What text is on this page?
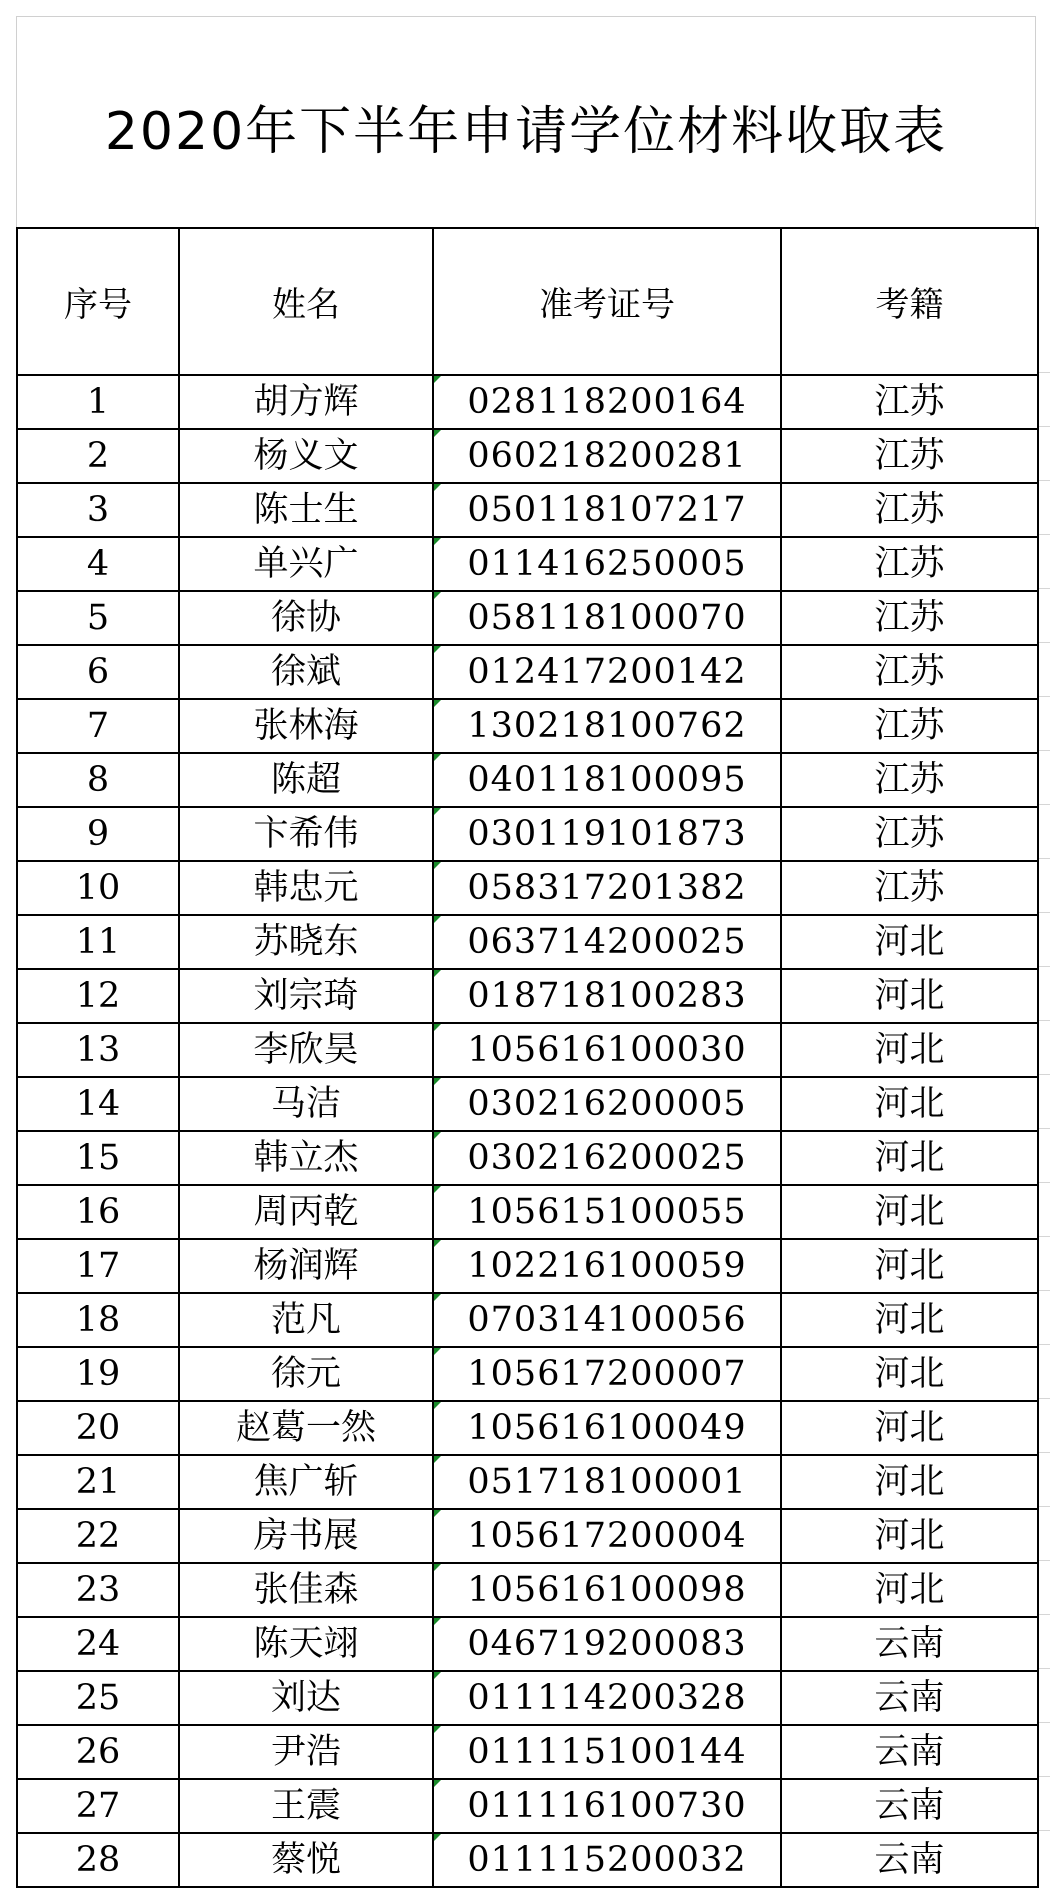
2020年下半年申请学位材料收取表
序号	姓名	准考证号	考籍
1	胡方辉	028118200164	江苏
2	杨义文	060218200281	江苏
3	陈士生	050118107217	江苏
4	单兴广	011416250005	江苏
5	徐协	058118100070	江苏
6	徐斌	012417200142	江苏
7	张林海	130218100762	江苏
8	陈超	040118100095	江苏
9	卞希伟	030119101873	江苏
10	韩忠元	058317201382	江苏
11	苏晓东	063714200025	河北
12	刘宗琦	018718100283	河北
13	李欣昊	105616100030	河北
14	马洁	030216200005	河北
15	韩立杰	030216200025	河北
16	周丙乾	105615100055	河北
17	杨润辉	102216100059	河北
18	范凡	070314100056	河北
19	徐元	105617200007	河北
20	赵葛一然	105616100049	河北
21	焦广斩	051718100001	河北
22	房书展	105617200004	河北
23	张佳森	105616100098	河北
24	陈天翊	046719200083	云南
25	刘达	011114200328	云南
26	尹浩	011115100144	云南
27	王震	011116100730	云南
28	蔡悦	011115200032	云南
